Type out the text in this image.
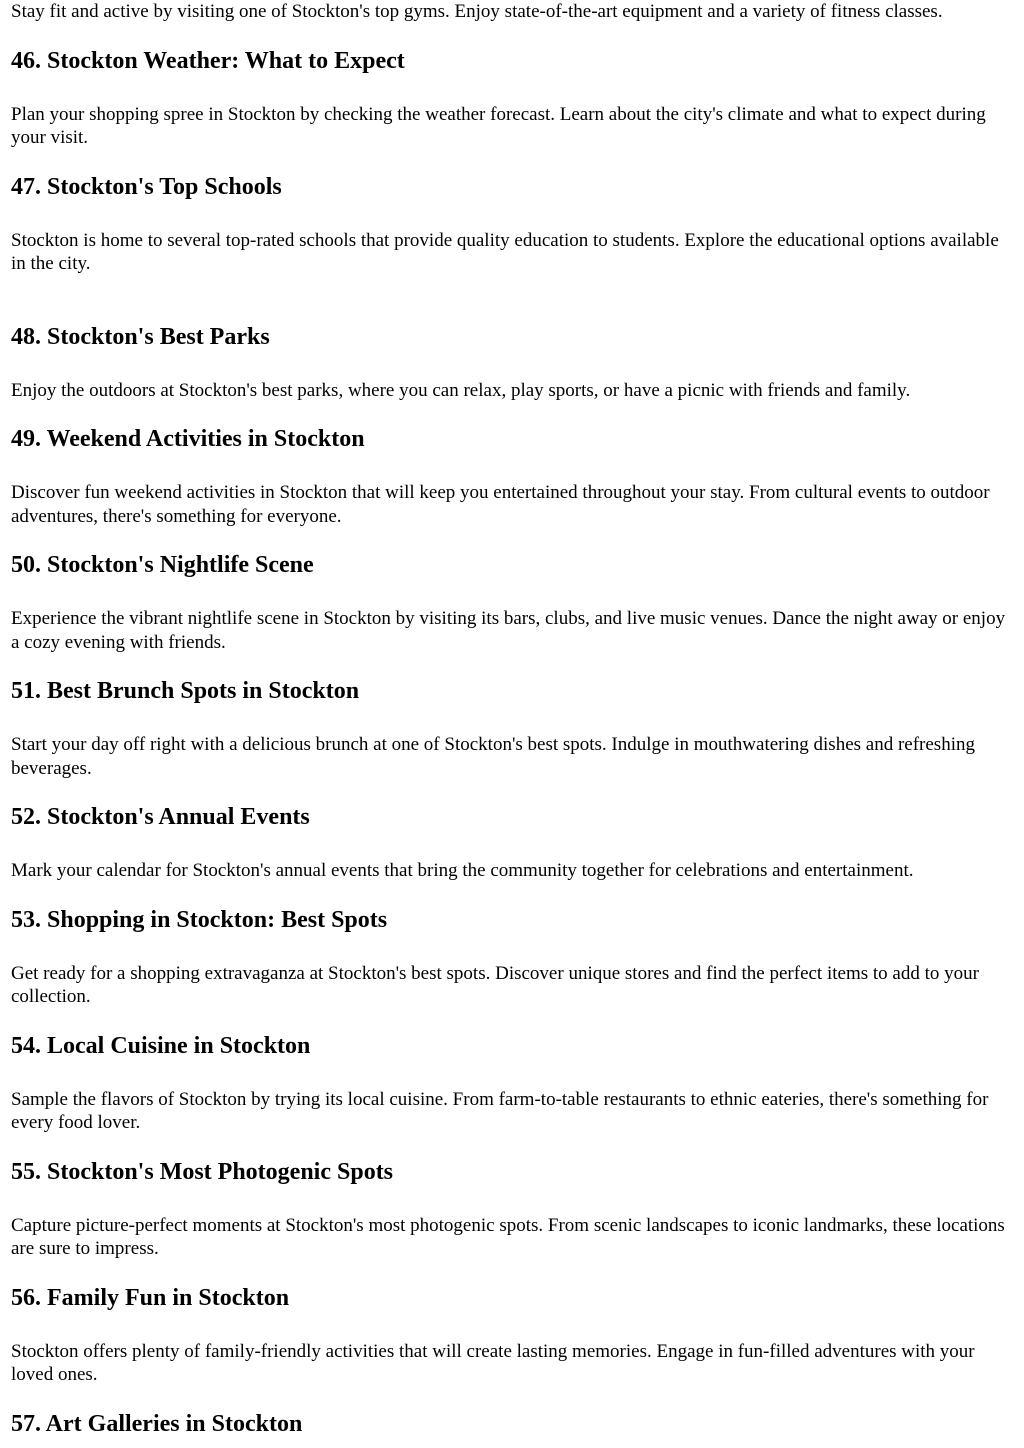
Stay fit and active by visiting one of Stockton's top gyms. Enjoy state-of-the-art equipment and a variety of fitness classes.

46. Stockton Weather: What to Expect

Plan your shopping spree in Stockton by checking the weather forecast. Learn about the city's climate and what to expect during your visit.

47. Stockton's Top Schools

Stockton is home to several top-rated schools that provide quality education to students. Explore the educational options available in the city.

48. Stockton's Best Parks

Enjoy the outdoors at Stockton's best parks, where you can relax, play sports, or have a picnic with friends and family.

49. Weekend Activities in Stockton

Discover fun weekend activities in Stockton that will keep you entertained throughout your stay. From cultural events to outdoor adventures, there's something for everyone.

50. Stockton's Nightlife Scene

Experience the vibrant nightlife scene in Stockton by visiting its bars, clubs, and live music venues. Dance the night away or enjoy a cozy evening with friends.

51. Best Brunch Spots in Stockton

Start your day off right with a delicious brunch at one of Stockton's best spots. Indulge in mouthwatering dishes and refreshing beverages.

52. Stockton's Annual Events

Mark your calendar for Stockton's annual events that bring the community together for celebrations and entertainment.

53. Shopping in Stockton: Best Spots

Get ready for a shopping extravaganza at Stockton's best spots. Discover unique stores and find the perfect items to add to your collection.

54. Local Cuisine in Stockton

Sample the flavors of Stockton by trying its local cuisine. From farm-to-table restaurants to ethnic eateries, there's something for every food lover.

55. Stockton's Most Photogenic Spots

Capture picture-perfect moments at Stockton's most photogenic spots. From scenic landscapes to iconic landmarks, these locations are sure to impress.

56. Family Fun in Stockton

Stockton offers plenty of family-friendly activities that will create lasting memories. Engage in fun-filled adventures with your loved ones.

57. Art Galleries in Stockton
